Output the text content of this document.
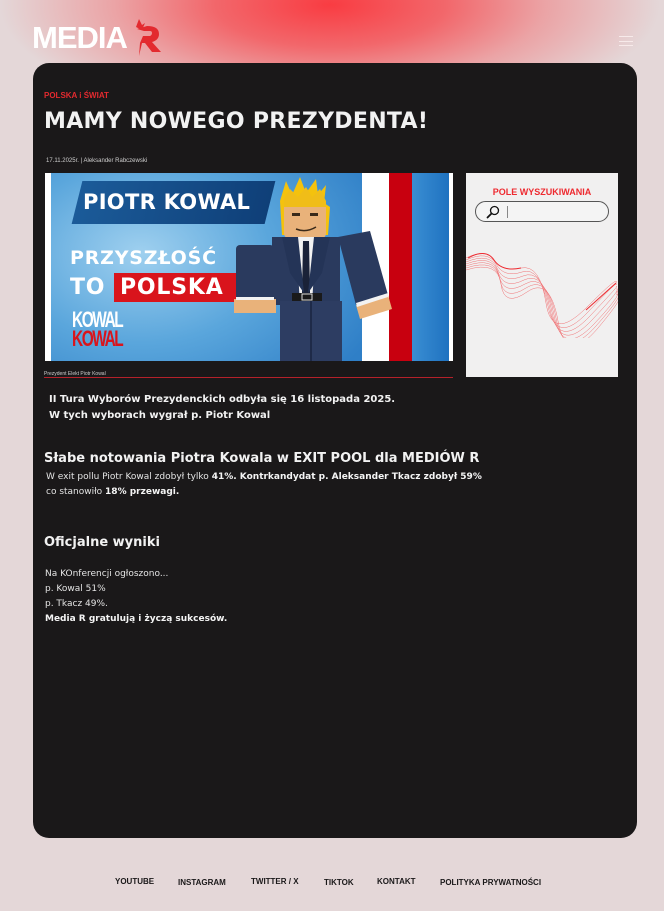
MEDIA
POLSKA i ŚWIAT
MAMY NOWEGO PREZYDENTA!
17.11.2025r. | Aleksander Rabczewski
PIOTR KOWAL
PRZYSZŁOŚĆ
TO POLSKA
KOWAL
KOWAL
Prezydent Elekt Piotr Kowal
POLE WYSZUKIWANIA
II Tura Wyborów Prezydenckich odbyła się 16 listopada 2025.
W tych wyborach wygrał p. Piotr Kowal
Słabe notowania Piotra Kowala w EXIT POOL dla MEDIÓW R
W exit pollu Piotr Kowal zdobył tylko 41%. Kontrkandydat p. Aleksander Tkacz zdobył 59%
co stanowiło 18% przewagi.
Oficjalne wyniki
Na KOnferencji ogłoszono...
p. Kowal 51%
p. Tkacz 49%.
Media R gratulują i życzą sukcesów.
YOUTUBE	INSTAGRAM	TWITTER / X	TIKTOK	KONTAKT	POLITYKA PRYWATNOŚCI
